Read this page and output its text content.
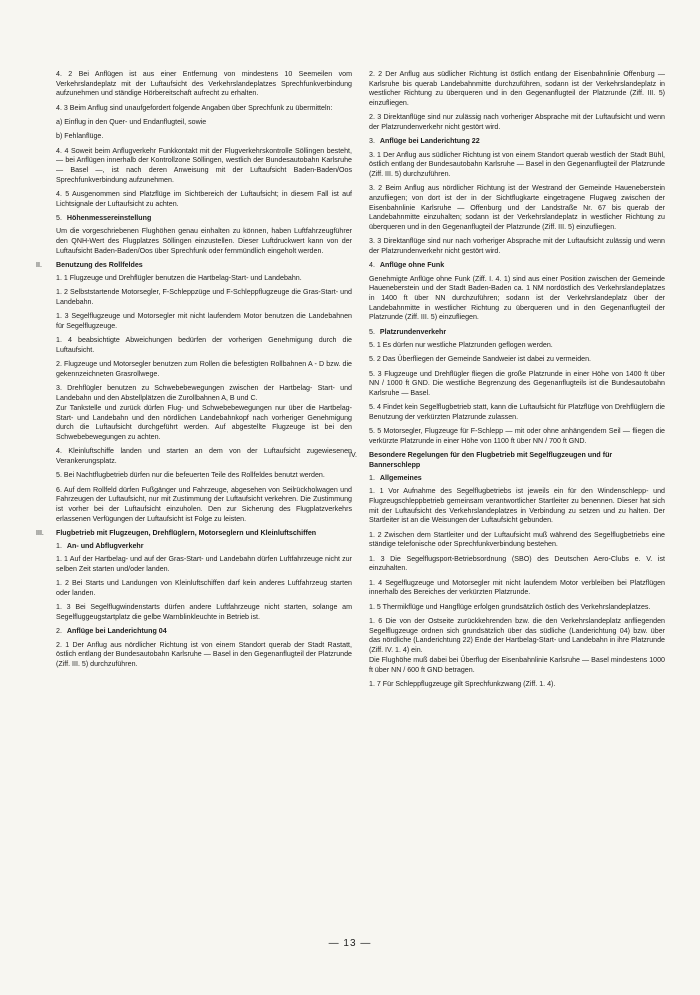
4. 2 Bei Anflügen ist aus einer Entfernung von mindestens 10 Seemeilen vom Verkehrslandeplatz mit der Luftaufsicht des Verkehrslandeplatzes Sprechfunkverbindung aufzunehmen und ständige Hörbereitschaft aufrecht zu erhalten.

4. 3 Beim Anflug sind unaufgefordert folgende Angaben über Sprechfunk zu übermitteln:

a) Einflug in den Quer- und Endanflugteil, sowie

b) Fehlanflüge.

4. 4 Soweit beim Anflugverkehr Funkkontakt mit der Flugverkehrskontrolle Söllingen besteht, — bei Anflügen innerhalb der Kontrollzone Söllingen, westlich der Bundesautobahn Karlsruhe — Basel —, ist nach deren Anweisung mit der Luftaufsicht Baden-Baden/Oos Sprechfunkverbindung aufzunehmen.

4. 5 Ausgenommen sind Platzflüge im Sichtbereich der Luftaufsicht; in diesem Fall ist auf Lichtsignale der Luftaufsicht zu achten.

5. Höhenmessereinstellung

Um die vorgeschriebenen Flughöhen genau einhalten zu können, haben Luftfahrzeugführer den QNH-Wert des Flugplatzes Söllingen einzustellen. Dieser Luftdruckwert kann von der Luftaufsicht Baden-Baden/Oos über Sprechfunk oder fernmündlich eingeholt werden.

II.	Benutzung des Rollfeldes

1. 1 Flugzeuge und Drehflügler benutzen die Hartbelag-Start- und Landebahn.

1. 2 Selbststartende Motorsegler, F-Schleppzüge und F-Schleppflugzeuge die Gras-Start- und Landebahn.

1. 3 Segelflugzeuge und Motorsegler mit nicht laufendem Motor benutzen die Landebahnen für Segelflugzeuge.

1. 4 beabsichtigte Abweichungen bedürfen der vorherigen Genehmigung durch die Luftaufsicht.

2. Flugzeuge und Motorsegler benutzen zum Rollen die befestigten Rollbahnen A - D bzw. die gekennzeichneten Grasrollwege.

3. Drehflügler benutzen zu Schwebebewegungen zwischen der Hartbelag- Start- und Landebahn und den Abstellplätzen die Zurollbahnen A, B und C.
Zur Tankstelle und zurück dürfen Flug- und Schwebebewegungen nur über die Hartbelag-Start- und Landebahn und den nördlichen Landebahnkopf nach vorheriger Genehmigung durch die Luftaufsicht durchgeführt werden. Auf abgestellte Flugzeuge ist bei den Schwebebewegungen zu achten.

4. Kleinluftschiffe landen und starten an dem von der Luftaufsicht zugewiesenen Verankerungsplatz.

5. Bei Nachtflugbetrieb dürfen nur die befeuerten Teile des Rollfeldes benutzt werden.

6. Auf dem Rollfeld dürfen Fußgänger und Fahrzeuge, abgesehen von Seilrückholwagen und Fahrzeugen der Luftaufsicht, nur mit Zustimmung der Luftaufsicht verkehren. Die Zustimmung ist vorher bei der Luftaufsicht einzuholen. Den zur Sicherung des Flugplatzverkehrs erlassenen Verfügungen der Luftaufsicht ist Folge zu leisten.

III.	Flugbetrieb mit Flugzeugen, Drehflüglern, Motorseglern und Kleinluftschiffen
1. An- und Abflugverkehr

1. 1 Auf der Hartbelag- und auf der Gras-Start- und Landebahn dürfen Luftfahrzeuge nicht zur selben Zeit starten und/oder landen.

1. 2 Bei Starts und Landungen von Kleinluftschiffen darf kein anderes Luftfahrzeug starten oder landen.

1. 3 Bei Segelflugwindenstarts dürfen andere Luftfahrzeuge nicht starten, solange am Segelfluggeugstartplatz die gelbe Warnblinkleuchte in Betrieb ist.

2. Anflüge bei Landerichtung 04

2. 1 Der Anflug aus nördlicher Richtung ist von einem Standort querab der Stadt Rastatt, östlich entlang der Bundesautobahn Karlsruhe — Basel in den Gegenanflugteil der Platzrunde (Ziff. III. 5) durchzuführen.

2. 2 Der Anflug aus südlicher Richtung ist östlich entlang der Eisenbahnlinie Offenburg — Karlsruhe bis querab Landebahnmitte durchzuführen, sodann ist der Verkehrslandeplatz in westlicher Richtung zu überqueren und in den Gegenanflugteil der Platzrunde (Ziff. III. 5) einzufliegen.

2. 3 Direktanflüge sind nur zulässig nach vorheriger Absprache mit der Luftaufsicht und wenn der Platzrundenverkehr nicht gestört wird.

3. Anflüge bei Landerichtung 22

3. 1 Der Anflug aus südlicher Richtung ist von einem Standort querab westlich der Stadt Bühl, östlich entlang der Bundesautobahn Karlsruhe — Basel in den Gegenanflugteil der Platzrunde (Ziff. III. 5) durchzuführen.

3. 2 Beim Anflug aus nördlicher Richtung ist der Westrand der Gemeinde Haueneberstein anzufliegen; von dort ist der in der Sichtflugkarte eingetragene Flugweg zwischen der Eisenbahnlinie Karlsruhe — Offenburg und der Landstraße Nr. 67 bis querab der Landebahnmitte einzuhalten; sodann ist der Verkehrslandeplatz in westlicher Richtung zu überqueren und in den Gegenanflugteil der Platzrunde (Ziff. III. 5) einzufliegen.

3. 3 Direktanflüge sind nur nach vorheriger Absprache mit der Luftaufsicht zulässig und wenn der Platzrundenverkehr nicht gestört wird.

4. Anflüge ohne Funk

Genehmigte Anflüge ohne Funk (Ziff. I. 4. 1) sind aus einer Position zwischen der Gemeinde Haueneberstein und der Stadt Baden-Baden ca. 1 NM nordöstlich des Verkehrslandeplatzes in 1400 ft über NN durchzuführen; sodann ist der Verkehrslandeplatz über der Landebahnmitte in westlicher Richtung zu überqueren und in den Gegenanflugteil der Platzrunde (Ziff. III. 5) einzufliegen.

5. Platzrundenverkehr

5. 1 Es dürfen nur westliche Platzrunden geflogen werden.

5. 2 Das Überfliegen der Gemeinde Sandweier ist dabei zu vermeiden.

5. 3 Flugzeuge und Drehflügler fliegen die große Platzrunde in einer Höhe von 1400 ft über NN / 1000 ft GND. Die westliche Begrenzung des Gegenanflugteils ist die Bundesautobahn Karlsruhe — Basel.

5. 4 Findet kein Segelflugbetrieb statt, kann die Luftaufsicht für Platzflüge von Drehflüglern die Benutzung der verkürzten Platzrunde zulassen.

5. 5 Motorsegler, Flugzeuge für F-Schlepp — mit oder ohne anhängendem Seil — fliegen die verkürzte Platzrunde in einer Höhe von 1100 ft über NN / 700 ft GND.

IV.	Besondere Regelungen für den Flugbetrieb mit Segelflugzeugen und für Bannerschlepp
1. Allgemeines

1. 1 Vor Aufnahme des Segelflugbetriebs ist jeweils ein für den Windenschlepp- und Flugzeugschleppbetrieb gemeinsam verantwortlicher Startleiter zu benennen. Dieser hat sich mit der Luftaufsicht des Verkehrslandeplatzes in Verbindung zu setzen und zu halten. Der Startleiter ist an die Weisungen der Luftaufsicht gebunden.

1. 2 Zwischen dem Startleiter und der Luftaufsicht muß während des Segelflugbetriebs eine ständige telefonische oder Sprechfunkverbindung bestehen.

1. 3 Die Segelflugsport-Betriebsordnung (SBO) des Deutschen Aero-Clubs e. V. ist einzuhalten.

1. 4 Segelflugzeuge und Motorsegler mit nicht laufendem Motor verbleiben bei Platzflügen innerhalb des Bereiches der verkürzten Platzrunde.

1. 5 Thermikflüge und Hangflüge erfolgen grundsätzlich östlich des Verkehrslandeplatzes.

1. 6 Die von der Ostseite zurückkehrenden bzw. die den Verkehrslandeplatz anfliegenden Segelflugzeuge ordnen sich grundsätzlich über das südliche (Landerichtung 04) bzw. über das nördliche (Landerichtung 22) Ende der Hartbelag-Start- und Landebahn in ihre Platzrunde (Ziff. IV. 1. 4) ein.
Die Flughöhe muß dabei bei Überflug der Eisenbahnlinie Karlsruhe — Basel mindestens 1000 ft über NN / 600 ft GND betragen.

1. 7 Für Schleppflugzeuge gilt Sprechfunkzwang (Ziff. 1. 4).

— 13 —
